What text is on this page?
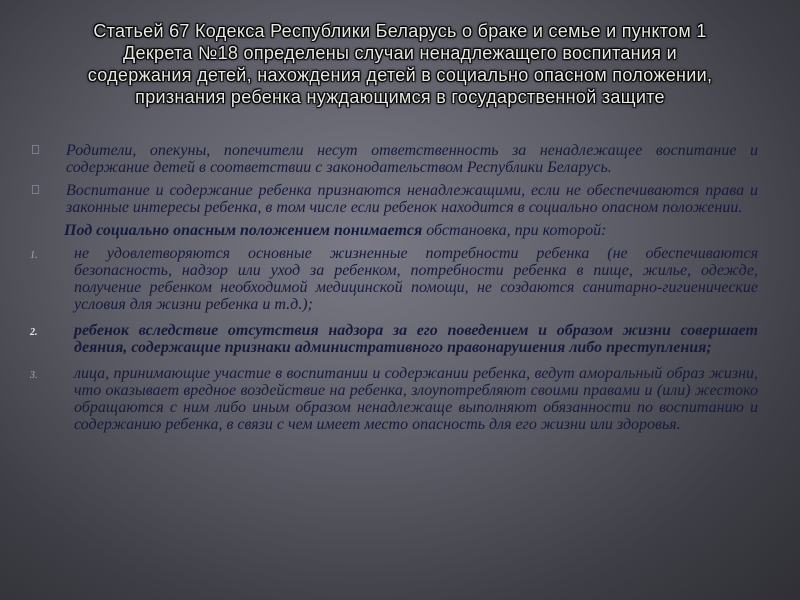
Статьей 67 Кодекса Республики Беларусь о браке и семье и пунктом 1
Декрета №18 определены случаи ненадлежащего воспитания и
содержания детей, нахождения детей в социально опасном положении,
признания ребенка нуждающимся в государственной защите
Родители, опекуны, попечители несут ответственность за ненадлежащее воспитание и содержание детей в соответствии с законодательством Республики Беларусь.
Воспитание и содержание ребенка признаются ненадлежащими, если не обеспечиваются права и законные интересы ребенка, в том числе если ребенок находится в социально опасном положении.
Под социально опасным положением понимается обстановка, при которой:
1. не удовлетворяются основные жизненные потребности ребенка (не обеспечиваются безопасность, надзор или уход за ребенком, потребности ребенка в пище, жилье, одежде, получение ребенком необходимой медицинской помощи, не создаются санитарно-гигиенические условия для жизни ребенка и т.д.);
2. ребенок вследствие отсутствия надзора за его поведением и образом жизни совершает деяния, содержащие признаки административного правонарушения либо преступления;
3. лица, принимающие участие в воспитании и содержании ребенка, ведут аморальный образ жизни, что оказывает вредное воздействие на ребенка, злоупотребляют своими правами и (или) жестоко обращаются с ним либо иным образом ненадлежаще выполняют обязанности по воспитанию и содержанию ребенка, в связи с чем имеет место опасность для его жизни или здоровья.
